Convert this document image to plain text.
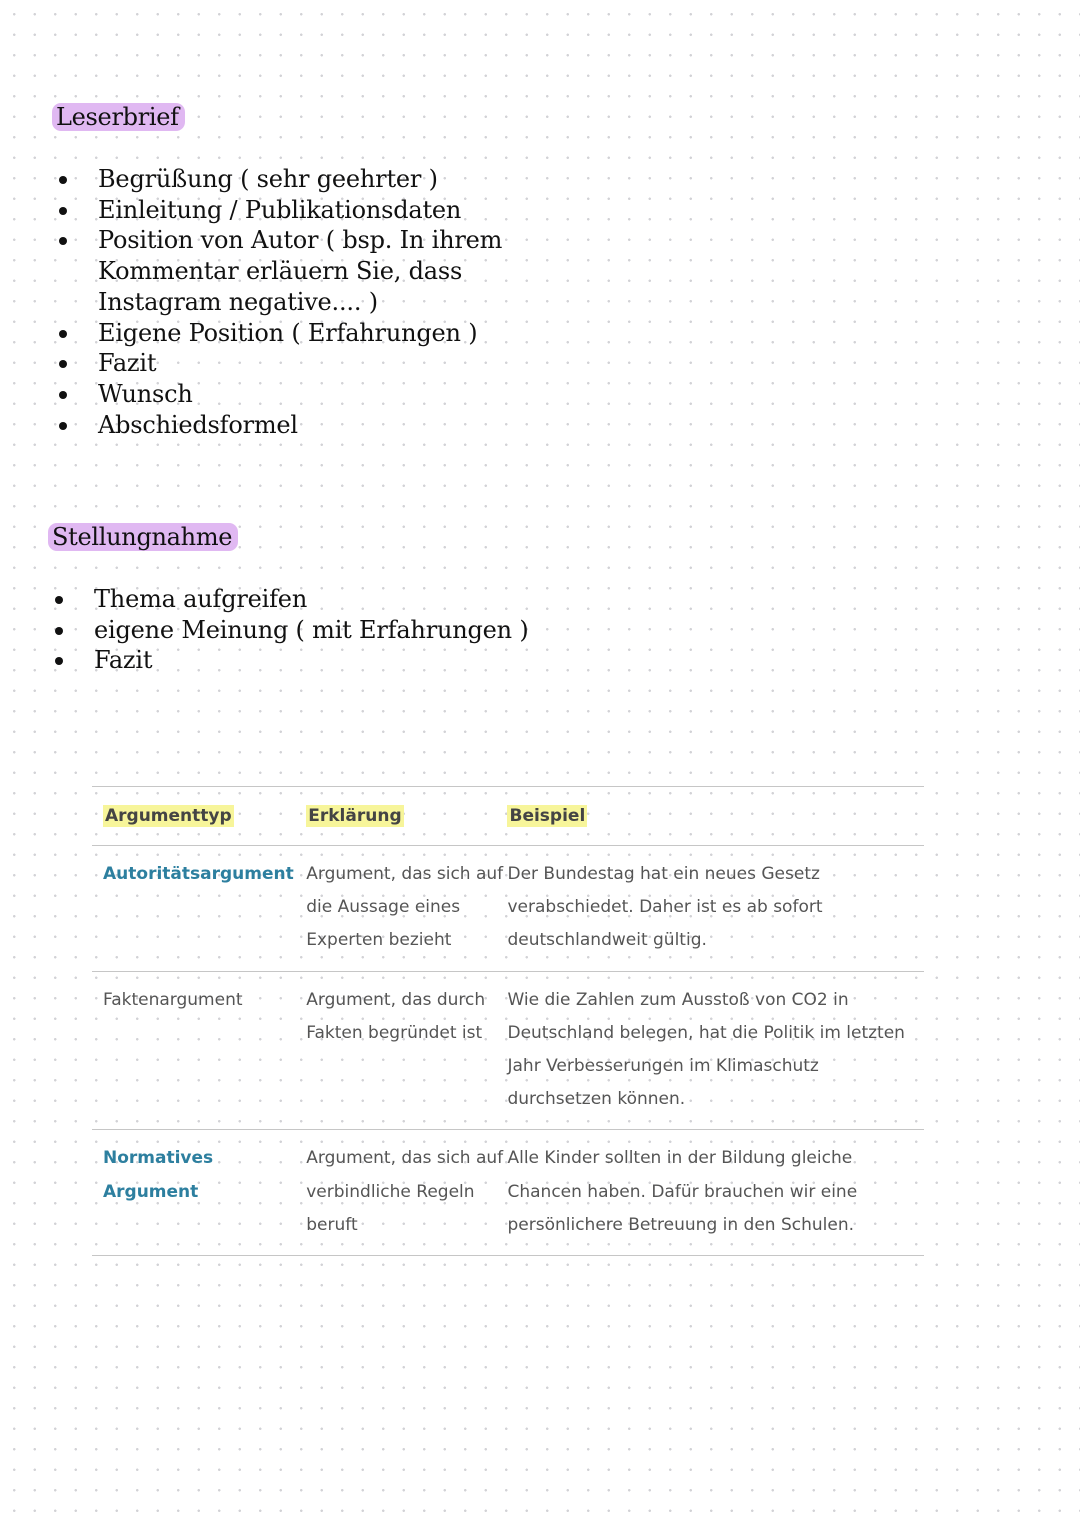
Leserbrief
Begrüßung ( sehr geehrter )
Einleitung / Publikationsdaten
Position von Autor ( bsp. In ihrem Kommentar erläuern Sie, dass Instagram negative.... )
Eigene Position ( Erfahrungen )
Fazit
Wunsch
Abschiedsformel
Stellungnahme
Thema aufgreifen
eigene Meinung ( mit Erfahrungen )
Fazit
Argumenttyp	Erklärung	Beispiel
Autoritätsargument	Argument, das sich auf die Aussage eines Experten bezieht	Der Bundestag hat ein neues Gesetz verabschiedet. Daher ist es ab sofort deutschlandweit gültig.
Faktenargument	Argument, das durch Fakten begründet ist	Wie die Zahlen zum Ausstoß von CO2 in Deutschland belegen, hat die Politik im letzten Jahr Verbesserungen im Klimaschutz durchsetzen können.
Normatives Argument	Argument, das sich auf verbindliche Regeln beruft	Alle Kinder sollten in der Bildung gleiche Chancen haben. Dafür brauchen wir eine persönlichere Betreuung in den Schulen.
